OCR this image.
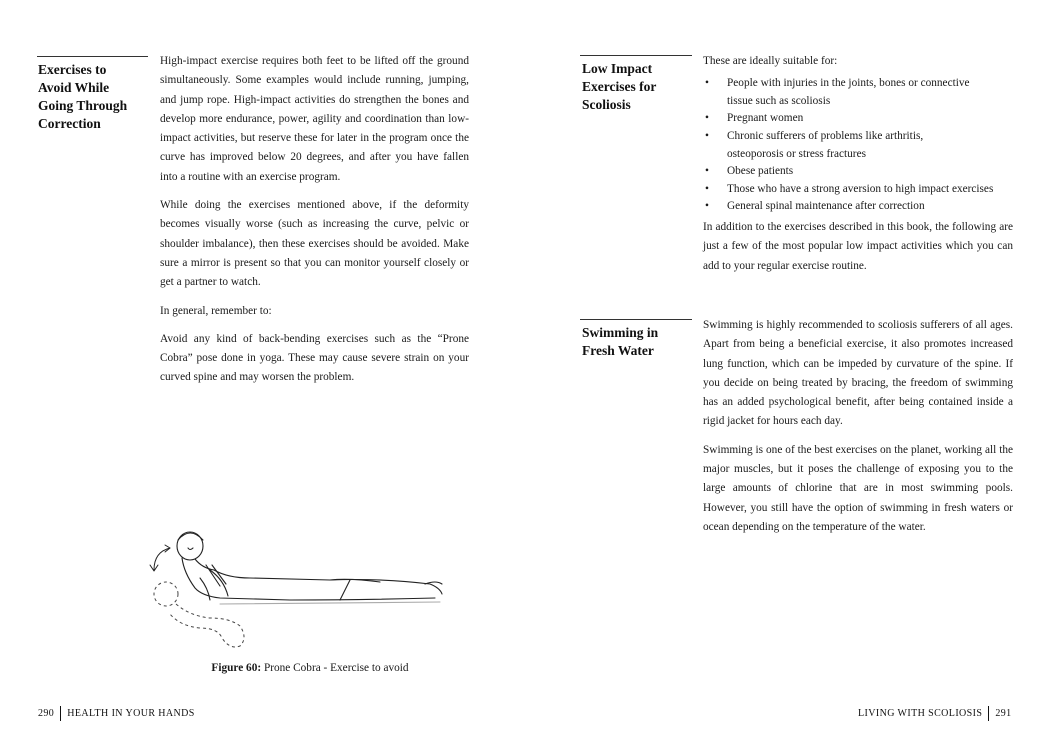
Exercises to
Avoid While
Going Through
Correction

High-impact exercise requires both feet to be lifted off the ground simultaneously. Some examples would include running, jumping, and jump rope. High-impact activities do strengthen the bones and develop more endurance, power, agility and coordination than low-impact activities, but reserve these for later in the program once the curve has improved below 20 degrees, and after you have fallen into a routine with an exercise program.

While doing the exercises mentioned above, if the deformity becomes visually worse (such as increasing the curve, pelvic or shoulder imbalance), then these exercises should be avoided. Make sure a mirror is present so that you can monitor yourself closely or get a partner to watch.

In general, remember to:

Avoid any kind of back-bending exercises such as the “Prone Cobra” pose done in yoga. These may cause severe strain on your curved spine and may worsen the problem.

Figure 60: Prone Cobra - Exercise to avoid
290 HEALTH IN YOUR HANDS
Low Impact
Exercises for
Scoliosis

These are ideally suitable for:

• People with injuries in the joints, bones or connective
tissue such as scoliosis
• Pregnant women
• Chronic sufferers of problems like arthritis,
osteoporosis or stress fractures
• Obese patients
• Those who have a strong aversion to high impact exercises
• General spinal maintenance after correction

In addition to the exercises described in this book, the following are just a few of the most popular low impact activities which you can add to your regular exercise routine.

Swimming in
Fresh Water

Swimming is highly recommended to scoliosis sufferers of all ages. Apart from being a beneficial exercise, it also promotes increased lung function, which can be impeded by curvature of the spine. If you decide on being treated by bracing, the freedom of swimming has an added psychological benefit, after being contained inside a rigid jacket for hours each day.

Swimming is one of the best exercises on the planet, working all the major muscles, but it poses the challenge of exposing you to the large amounts of chlorine that are in most swimming pools. However, you still have the option of swimming in fresh waters or ocean depending on the temperature of the water.

LIVING WITH SCOLIOSIS 291
